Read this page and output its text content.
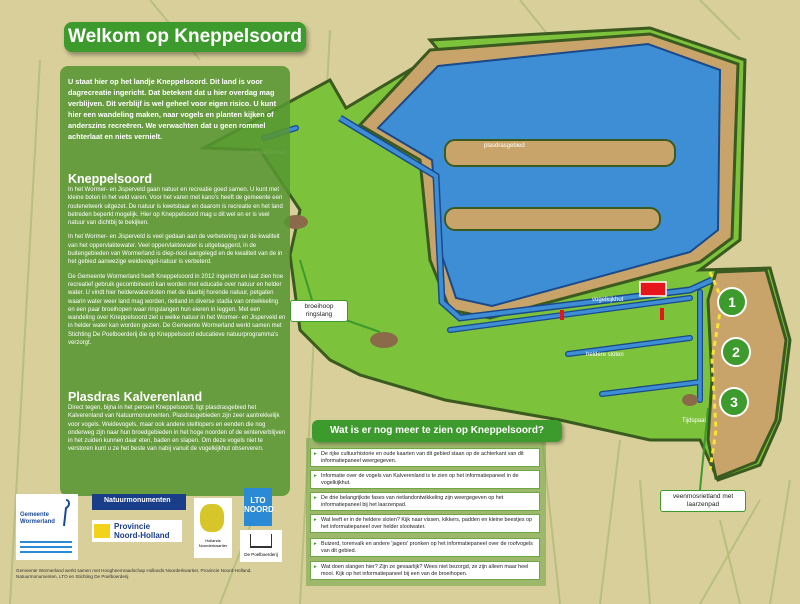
1
2
3
plasdrasgebied
vogelkijkhut
heldere sloten
Tijdspaal
broeihoop ringslang
veenmosrietland met laarzenpad
Welkom op Kneppelsoord
U staat hier op het landje Kneppelsoord. Dit land is voor dagrecreatie ingericht. Dat betekent dat u hier overdag mag verblijven. Dit verblijf is wel geheel voor eigen risico. U kunt hier een wandeling maken, naar vogels en planten kijken of anderszins recreëren. We verwachten dat u geen rommel achterlaat en niets vernielt.
Kneppelsoord

In het Wormer- en Jisperveld gaan natuur en recreatie goed samen. U kunt met kleine boten in het veld varen. Voor het varen met kano's heeft de gemeente een routenetwerk uitgezet. De natuur is kwetsbaar en daarom is recreatie en het land betreden beperkt mogelijk. Hier op Kneppelsoord mag u dit wel en er is veel natuur van dichtbij te bekijken.

In het Wormer- en Jisperveld is veel gedaan aan de verbetering van de kwaliteit van het oppervlaktewater. Veel oppervlaktewater is uitgebaggerd, in de buitengebieden van Wormerland is diep-riool aangelegd en de kwaliteit van de in het gebied aanwezige weidevogel-natuur is verbeterd.

De Gemeente Wormerland heeft Kneppelsoord in 2012 ingericht en laat zien hoe recreatief gebruik gecombineerd kan worden met educatie over natuur en helder water. U vindt hier helderwatersloten met de daarbij horende natuur, petgaten waarin water weer land mag worden, rietland in diverse stadia van ontwikkeling en een paar broeihopen waar ringslangen hun eieren in leggen. Met een wandeling over Kneppelsoord ziet u welke natuur in het Wormer- en Jisperveld en in helder water kan worden gezien. De Gemeente Wormerland werkt samen met Stichting De Poelboerderij die op Kneppelsoord educatieve natuurprogramma's verzorgt.

Plasdras Kalverenland

Direct tegen, bijna in het perceel Kneppelsoord, ligt plasdrasgebied het Kalverenland van Natuurmonumenten. Plasdrasgebieden zijn zeer aantrekkelijk voor vogels. Weidevogels, maar ook andere steltlopers en eenden die nog onderweg zijn naar hun broedgebieden in het hoge noorden of de winterverblijven in het zuiden kunnen daar eten, baden en slapen. Om deze vogels niet te verstoren kunt u ze het beste van nabij vanuit de vogelkijkhut observeren.

Wat is er nog meer te zien op Kneppelsoord?
▸ De rijke cultuurhistorie en oude kaarten van dit gebied staan op de achterkant van dit informatiepaneel weergegeven.
▸ Informatie over de vogels van Kalverenland is te zien op het informatiepaneel in de vogelkijkhut.
▸ De drie belangrijkste fases van rietlandontwikkeling zijn weergegeven op het informatiepaneel bij het laarzenpad.
▸ Wat leeft er in de heldere sloten? Kijk naar vissen, kikkers, padden en kleine beestjes op het informatiepaneel over helder slootwater.
▸ Buizerd, torenvalk en andere 'jagers' pronken op het informatiepaneel over de roofvogels van dit gebied.
▸ Wat doen slangen hier? Zijn ze gevaarlijk? Wees niet bezorgd, ze zijn alleen maar heel mooi. Kijk op het informatiepaneel bij een van de broeihopen.
Gemeente Wormerland
Natuurmonumenten
Provincie
Noord-Holland
Hollands Noorderkwartier
LTO
NOORD
De Poelboerderij
Gemeente Wormerland werkt samen met Hoogheemraadschap Hollands Noorderkwartier, Provincie Noord-Holland, Natuurmonumenten, LTO en Stichting De Poelboerderij
